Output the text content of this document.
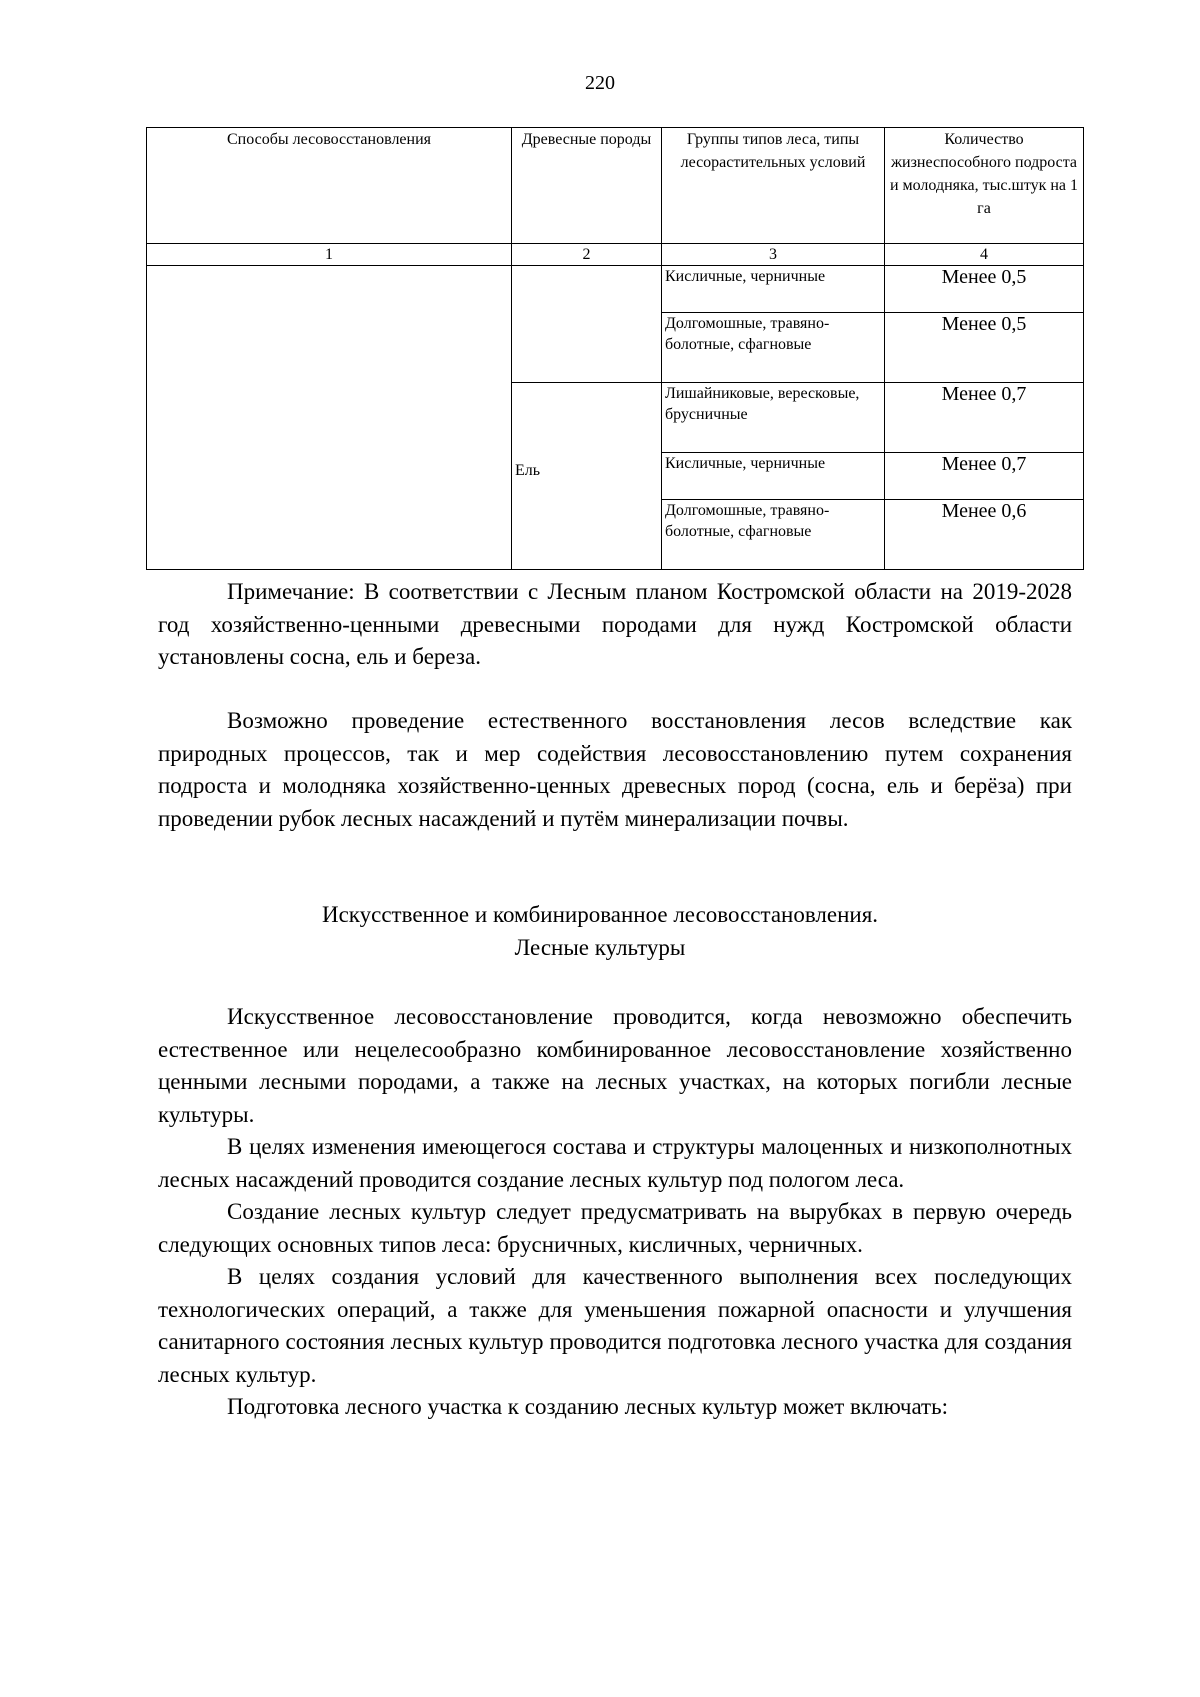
220
Способы лесовосстановления	Древесные породы	Группы типов леса, типы лесорастительных условий	Количество жизнеспособного подроста и молодняка, тыс.штук на 1 га
1	2	3	4
		Кисличные, черничные	Менее 0,5
		Долгомошные, травяно-болотные, сфагновые	Менее 0,5

	Ель	Лишайниковые, вересковые, брусничные	Менее 0,7
		Кисличные, черничные	Менее 0,7
		Долгомошные, травяно-болотные, сфагновые	Менее 0,6

Примечание: В соответствии с Лесным планом Костромской области на 2019-2028 год хозяйственно-ценными древесными породами для нужд Костромской области установлены сосна, ель и береза.

Возможно проведение естественного восстановления лесов вследствие как природных процессов, так и мер содействия лесовосстановлению путем сохранения подроста и молодняка хозяйственно-ценных древесных пород (сосна, ель и берёза) при проведении рубок лесных насаждений и путём минерализации почвы.

Искусственное и комбинированное лесовосстановления.
Лесные культуры

Искусственное лесовосстановление проводится, когда невозможно обеспечить естественное или нецелесообразно комбинированное лесовосстановление хозяйственно ценными лесными породами, а также на лесных участках, на которых погибли лесные культуры.

В целях изменения имеющегося состава и структуры малоценных и низкополнотных лесных насаждений проводится создание лесных культур под пологом леса.

Создание лесных культур следует предусматривать на вырубках в первую очередь следующих основных типов леса: брусничных, кисличных, черничных.

В целях создания условий для качественного выполнения всех последующих технологических операций, а также для уменьшения пожарной опасности и улучшения санитарного состояния лесных культур проводится подготовка лесного участка для создания лесных культур.

Подготовка лесного участка к созданию лесных культур может включать:
